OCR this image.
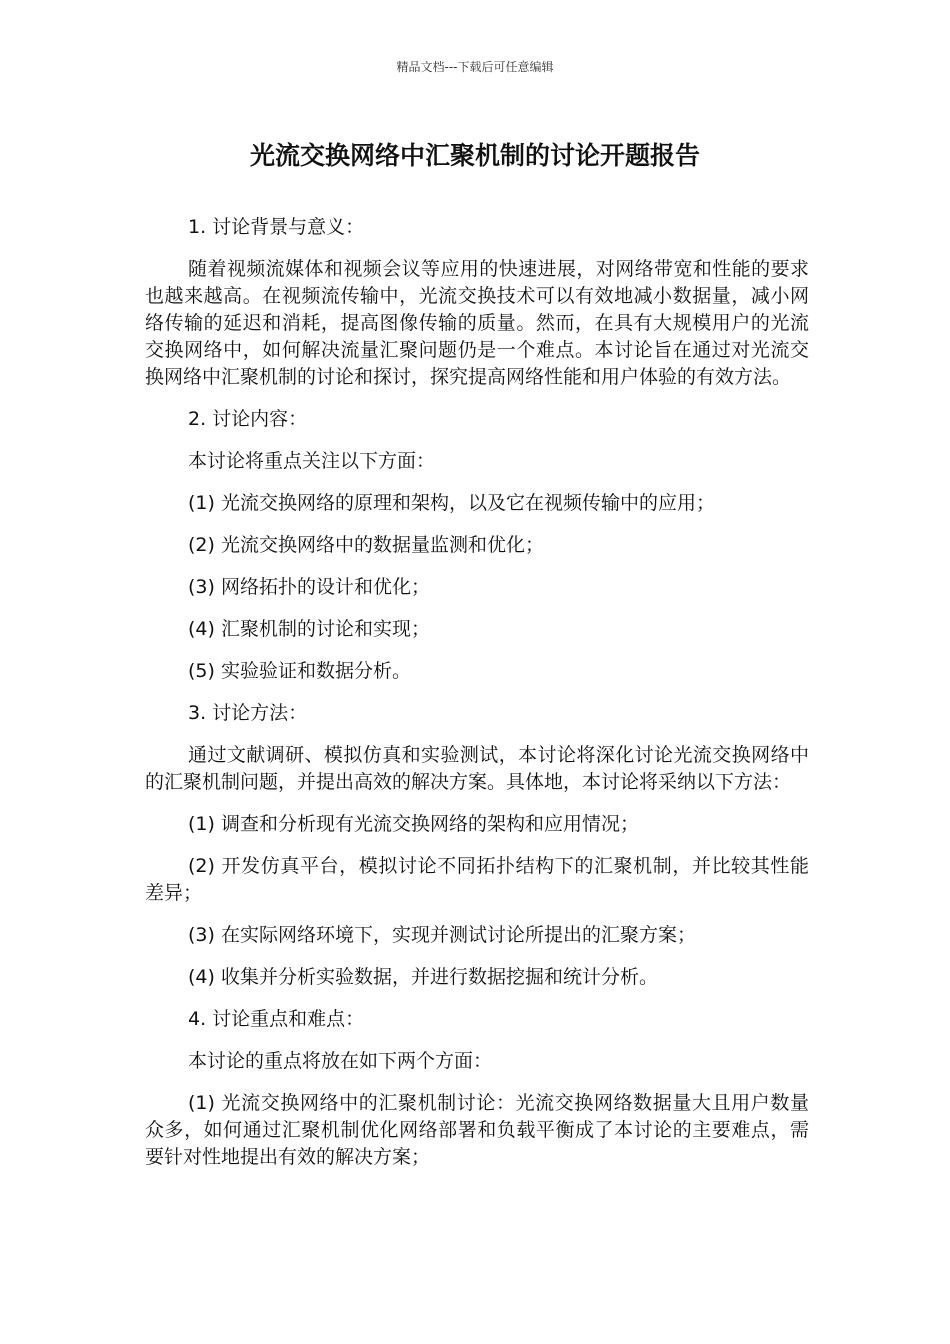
精品文档---下载后可任意编辑
光流交换网络中汇聚机制的讨论开题报告

1. 讨论背景与意义：

随着视频流媒体和视频会议等应用的快速进展，对网络带宽和性能的要求也越来越高。在视频流传输中，光流交换技术可以有效地减小数据量，减小网络传输的延迟和消耗，提高图像传输的质量。然而，在具有大规模用户的光流交换网络中，如何解决流量汇聚问题仍是一个难点。本讨论旨在通过对光流交换网络中汇聚机制的讨论和探讨，探究提高网络性能和用户体验的有效方法。

2. 讨论内容：

本讨论将重点关注以下方面：

(1) 光流交换网络的原理和架构，以及它在视频传输中的应用；

(2) 光流交换网络中的数据量监测和优化；

(3) 网络拓扑的设计和优化；

(4) 汇聚机制的讨论和实现；

(5) 实验验证和数据分析。

3. 讨论方法：

通过文献调研、模拟仿真和实验测试，本讨论将深化讨论光流交换网络中的汇聚机制问题，并提出高效的解决方案。具体地，本讨论将采纳以下方法：

(1) 调查和分析现有光流交换网络的架构和应用情况；

(2) 开发仿真平台，模拟讨论不同拓扑结构下的汇聚机制，并比较其性能差异；

(3) 在实际网络环境下，实现并测试讨论所提出的汇聚方案；

(4) 收集并分析实验数据，并进行数据挖掘和统计分析。

4. 讨论重点和难点：

本讨论的重点将放在如下两个方面：

(1) 光流交换网络中的汇聚机制讨论：光流交换网络数据量大且用户数量众多，如何通过汇聚机制优化网络部署和负载平衡成了本讨论的主要难点，需要针对性地提出有效的解决方案；
